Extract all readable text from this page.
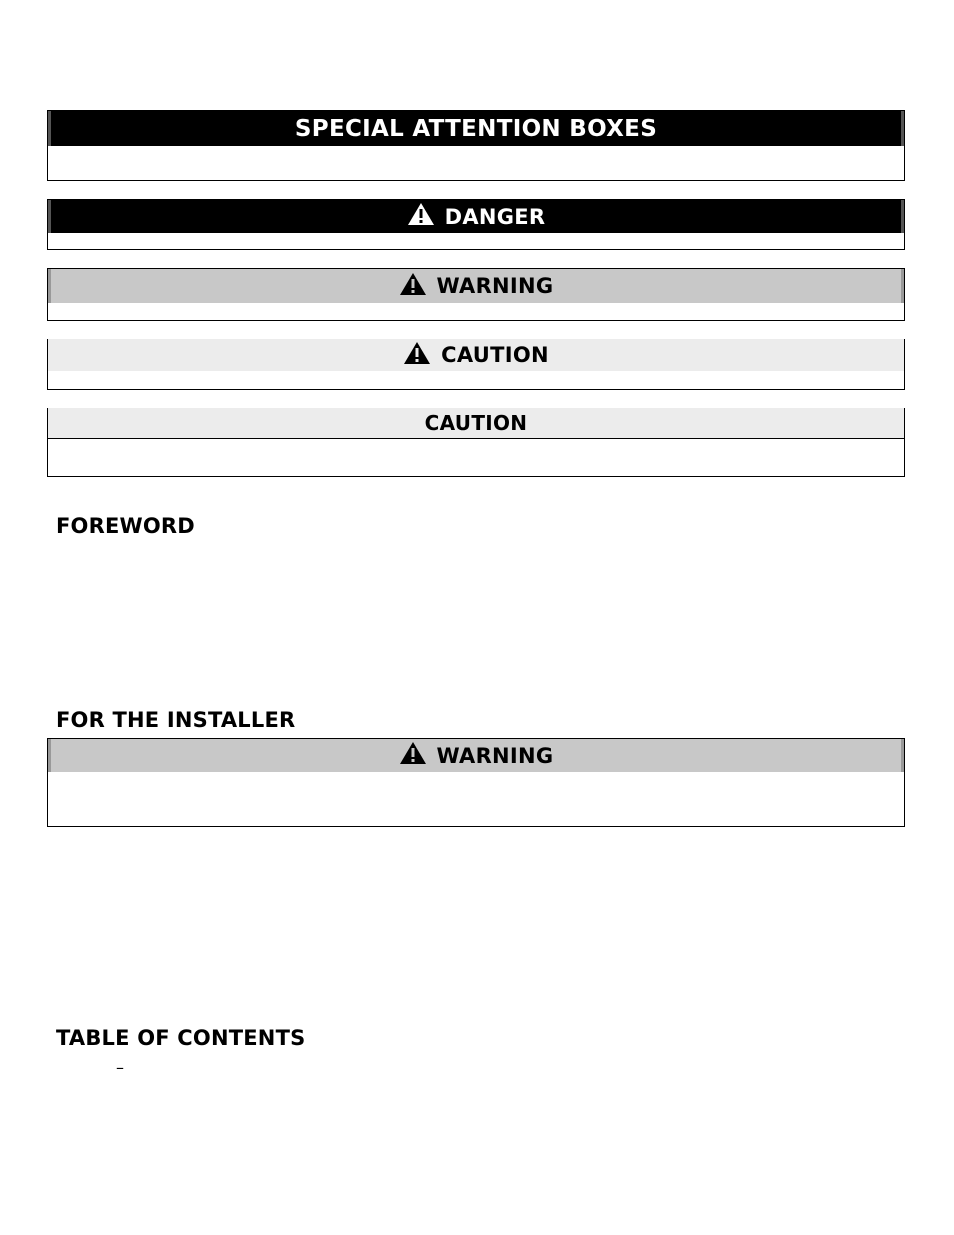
SPECIAL ATTENTION BOXES
DANGER
WARNING
CAUTION
CAUTION
FOREWORD
FOR THE INSTALLER
WARNING
TABLE OF CONTENTS
–
